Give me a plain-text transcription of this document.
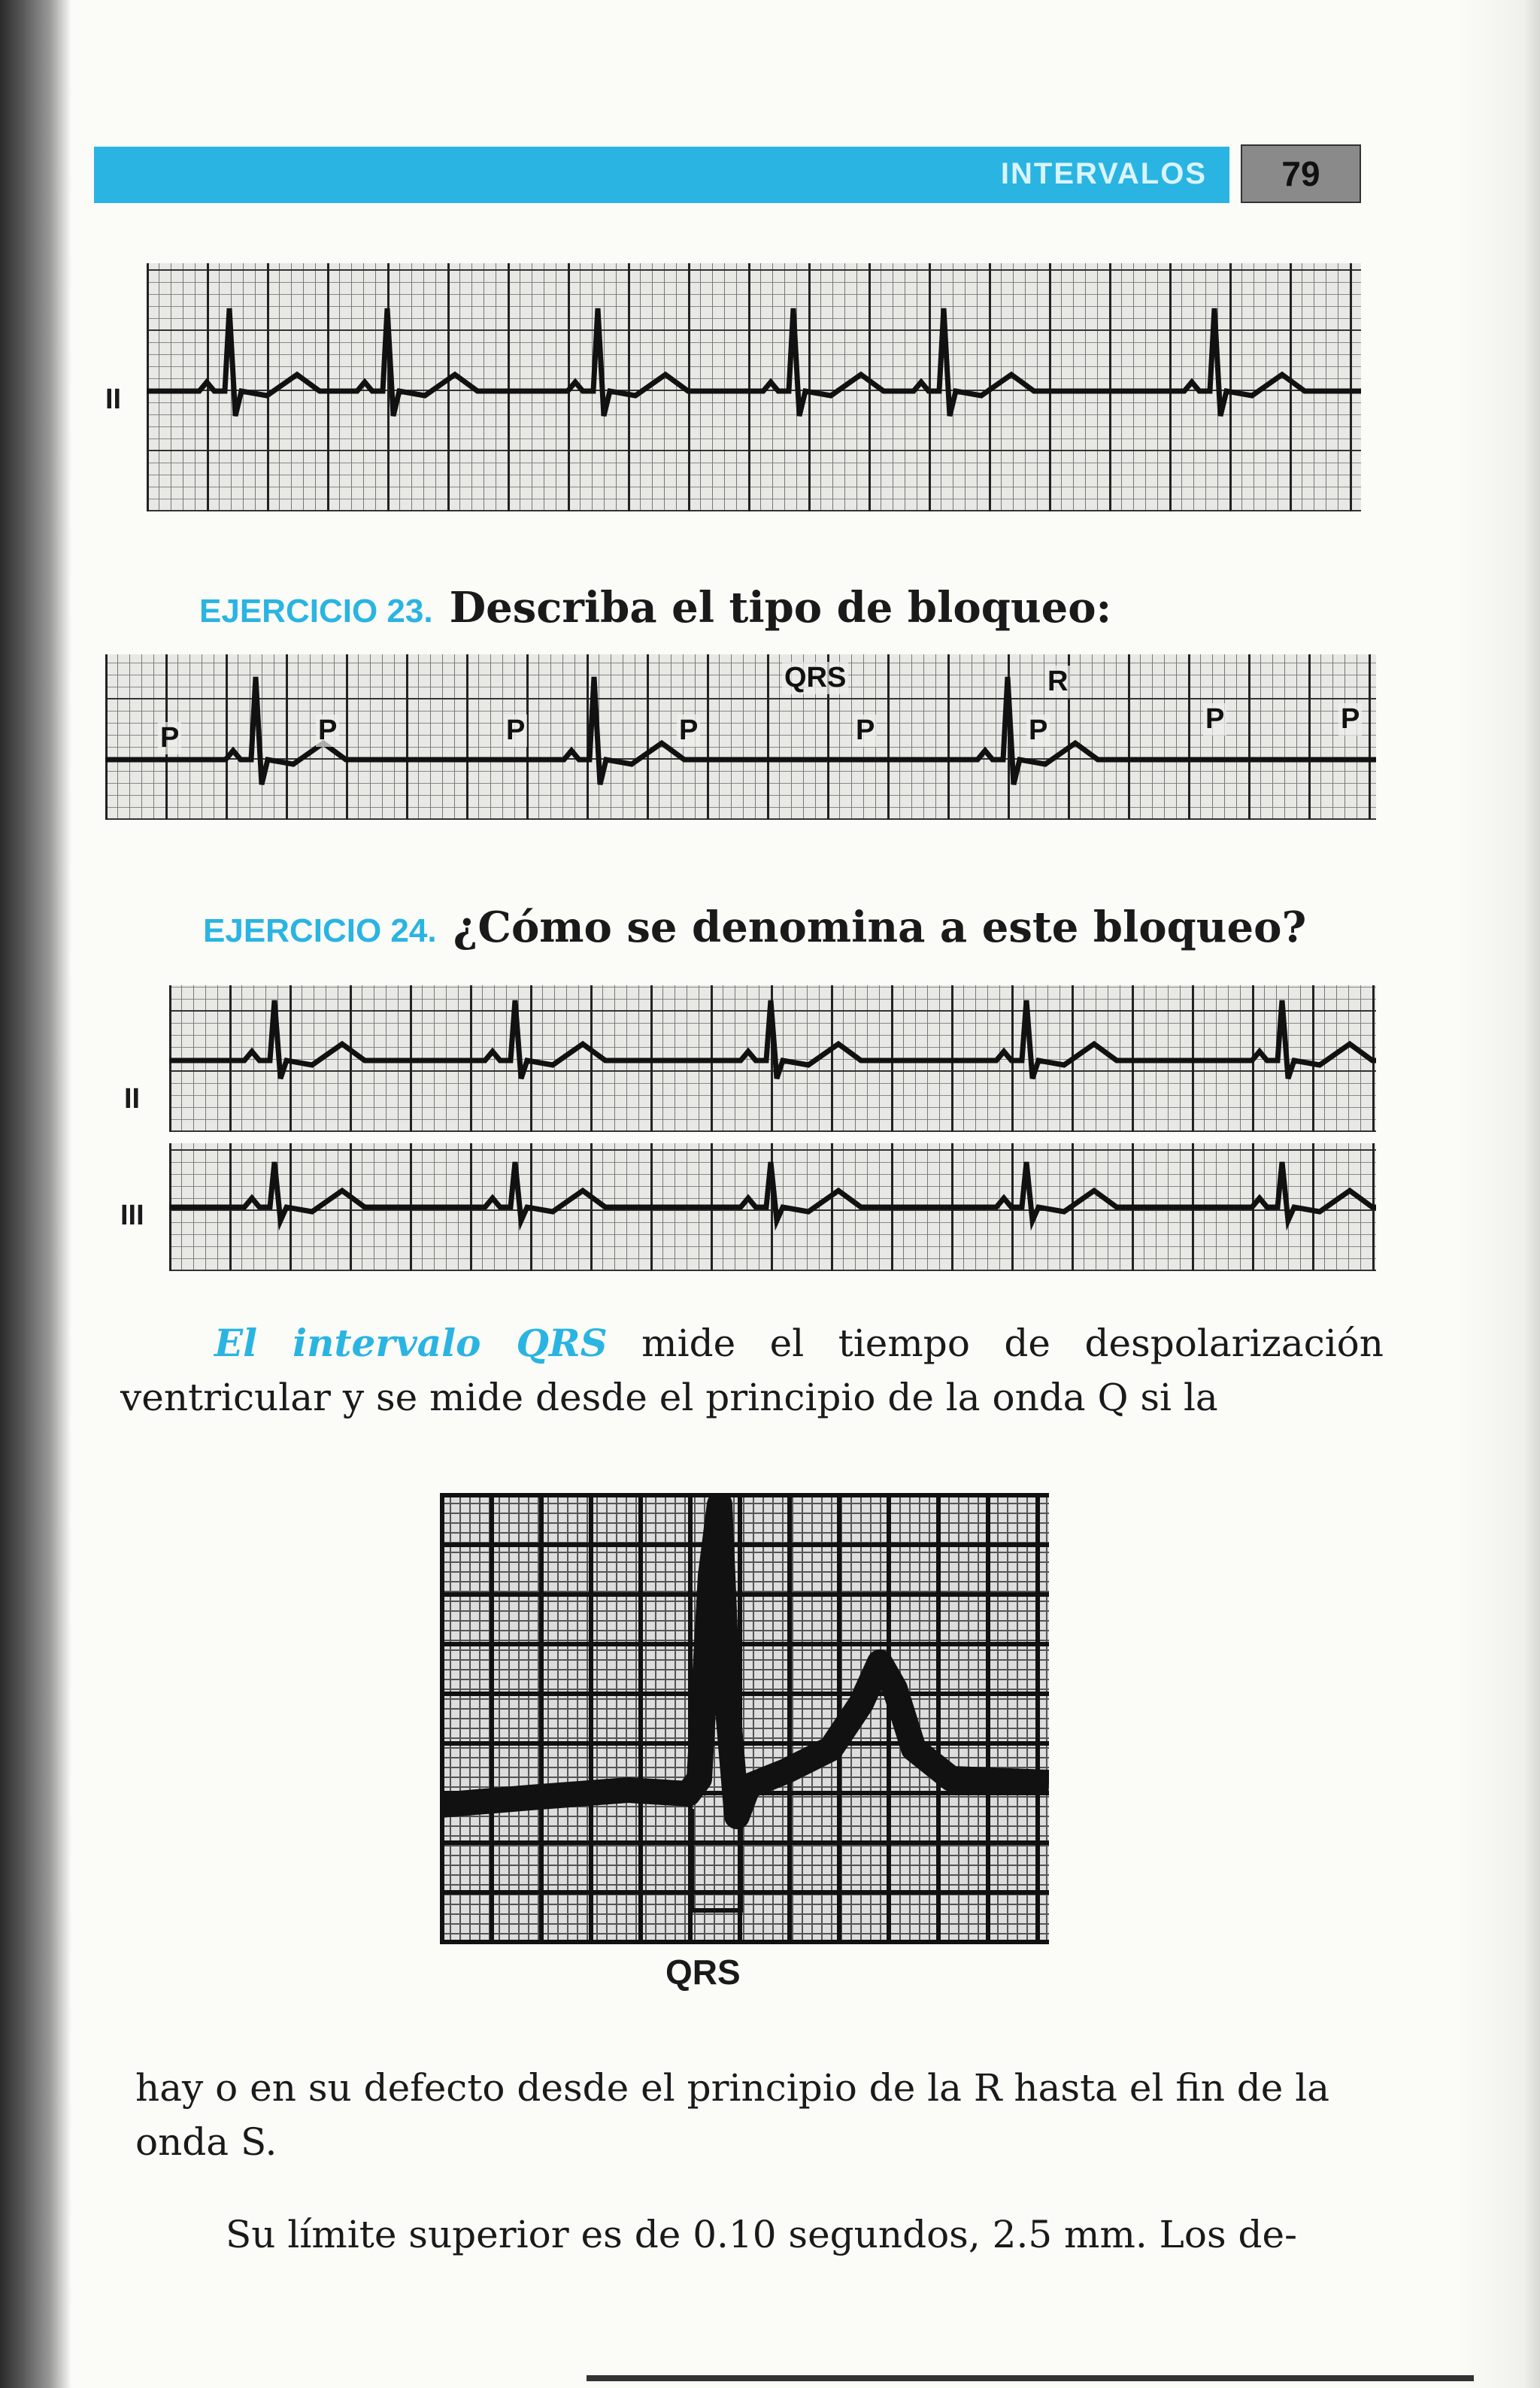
INTERVALOS	79
II
EJERCICIO 23. Describa el tipo de bloqueo:
P	P	P	P
QRS
P
R
P	P	P
EJERCICIO 24. ¿Cómo se denomina a este bloqueo?
II
III
El intervalo QRS mide el tiempo de despolarización ventricular y se mide desde el principio de la onda Q si la
QRS
hay o en su defecto desde el principio de la R hasta el fin de la onda S.
Su límite superior es de 0.10 segundos, 2.5 mm. Los de-
